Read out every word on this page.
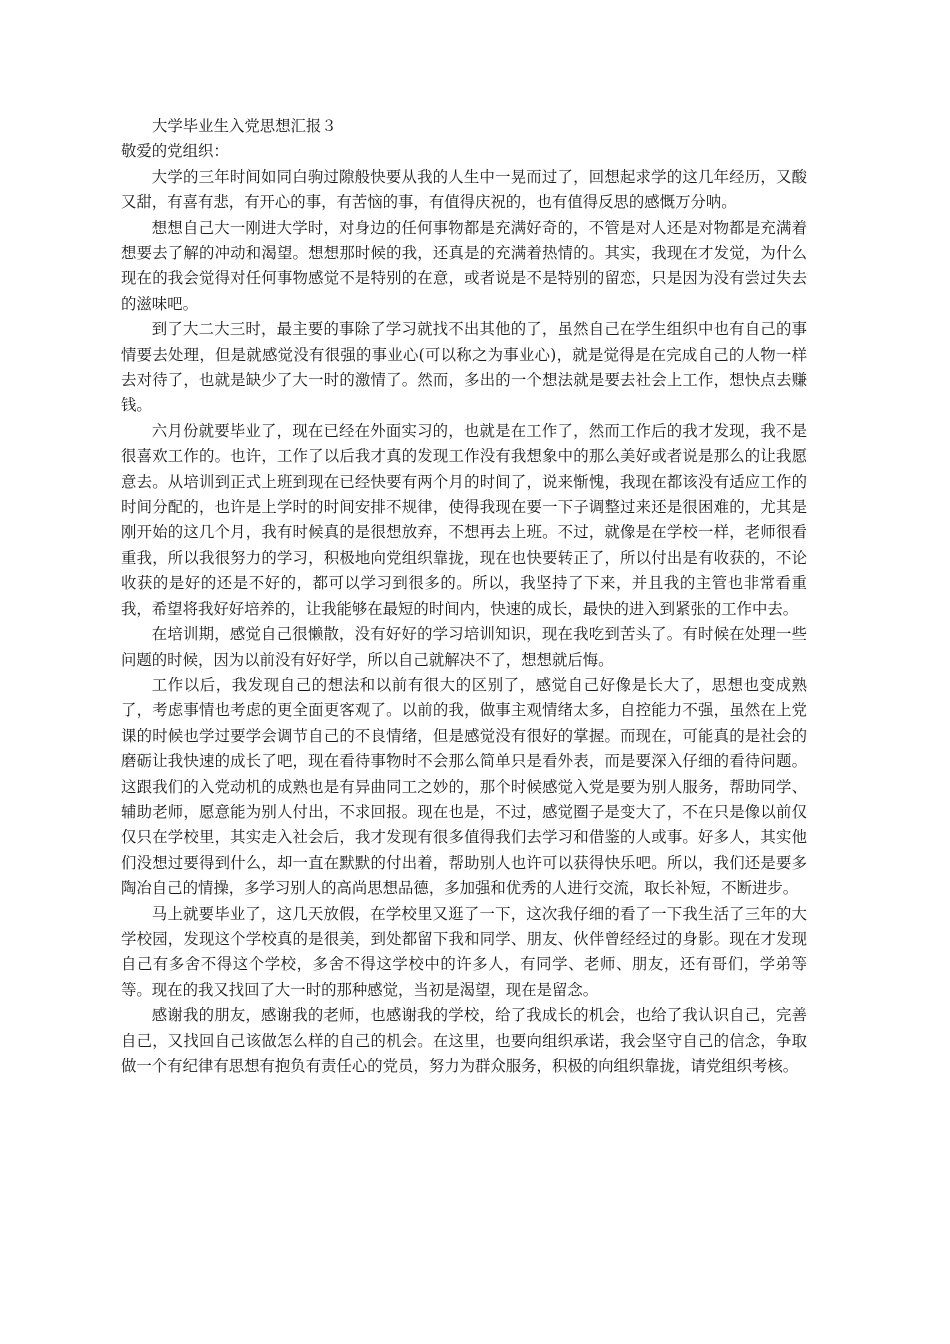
大学毕业生入党思想汇报３

敬爱的党组织：

大学的三年时间如同白驹过隙般快要从我的人生中一晃而过了，回想起求学的这几年经历，又酸又甜，有喜有悲，有开心的事，有苦恼的事，有值得庆祝的，也有值得反思的感慨万分呐。

想想自己大一刚进大学时，对身边的任何事物都是充满好奇的，不管是对人还是对物都是充满着想要去了解的冲动和渴望。想想那时候的我，还真是的充满着热情的。其实，我现在才发觉，为什么现在的我会觉得对任何事物感觉不是特别的在意，或者说是不是特别的留恋，只是因为没有尝过失去的滋味吧。

到了大二大三时，最主要的事除了学习就找不出其他的了，虽然自己在学生组织中也有自己的事情要去处理，但是就感觉没有很强的事业心(可以称之为事业心)，就是觉得是在完成自己的人物一样去对待了，也就是缺少了大一时的激情了。然而，多出的一个想法就是要去社会上工作，想快点去赚钱。

六月份就要毕业了，现在已经在外面实习的，也就是在工作了，然而工作后的我才发现，我不是很喜欢工作的。也许，工作了以后我才真的发现工作没有我想象中的那么美好或者说是那么的让我愿意去。从培训到正式上班到现在已经快要有两个月的时间了，说来惭愧，我现在都该没有适应工作的时间分配的，也许是上学时的时间安排不规律，使得我现在要一下子调整过来还是很困难的，尤其是刚开始的这几个月，我有时候真的是很想放弃，不想再去上班。不过，就像是在学校一样，老师很看重我，所以我很努力的学习，积极地向党组织靠拢，现在也快要转正了，所以付出是有收获的，不论收获的是好的还是不好的，都可以学习到很多的。所以，我坚持了下来，并且我的主管也非常看重我，希望将我好好培养的，让我能够在最短的时间内，快速的成长，最快的进入到紧张的工作中去。

在培训期，感觉自己很懒散，没有好好的学习培训知识，现在我吃到苦头了。有时候在处理一些问题的时候，因为以前没有好好学，所以自己就解决不了，想想就后悔。

工作以后，我发现自己的想法和以前有很大的区别了，感觉自己好像是长大了，思想也变成熟了，考虑事情也考虑的更全面更客观了。以前的我，做事主观情绪太多，自控能力不强，虽然在上党课的时候也学过要学会调节自己的不良情绪，但是感觉没有很好的掌握。而现在，可能真的是社会的磨砺让我快速的成长了吧，现在看待事物时不会那么简单只是看外表，而是要深入仔细的看待问题。这跟我们的入党动机的成熟也是有异曲同工之妙的，那个时候感觉入党是要为别人服务，帮助同学、辅助老师，愿意能为别人付出，不求回报。现在也是，不过，感觉圈子是变大了，不在只是像以前仅仅只在学校里，其实走入社会后，我才发现有很多值得我们去学习和借鉴的人或事。好多人，其实他们没想过要得到什么，却一直在默默的付出着，帮助别人也许可以获得快乐吧。所以，我们还是要多陶冶自己的情操，多学习别人的高尚思想品德，多加强和优秀的人进行交流，取长补短，不断进步。

马上就要毕业了，这几天放假，在学校里又逛了一下，这次我仔细的看了一下我生活了三年的大学校园，发现这个学校真的是很美，到处都留下我和同学、朋友、伙伴曾经经过的身影。现在才发现自己有多舍不得这个学校，多舍不得这学校中的许多人，有同学、老师、朋友，还有哥们，学弟等等。现在的我又找回了大一时的那种感觉，当初是渴望，现在是留念。

感谢我的朋友，感谢我的老师，也感谢我的学校，给了我成长的机会，也给了我认识自己，完善自己，又找回自己该做怎么样的自己的机会。在这里，也要向组织承诺，我会坚守自己的信念，争取做一个有纪律有思想有抱负有责任心的党员，努力为群众服务，积极的向组织靠拢，请党组织考核。
